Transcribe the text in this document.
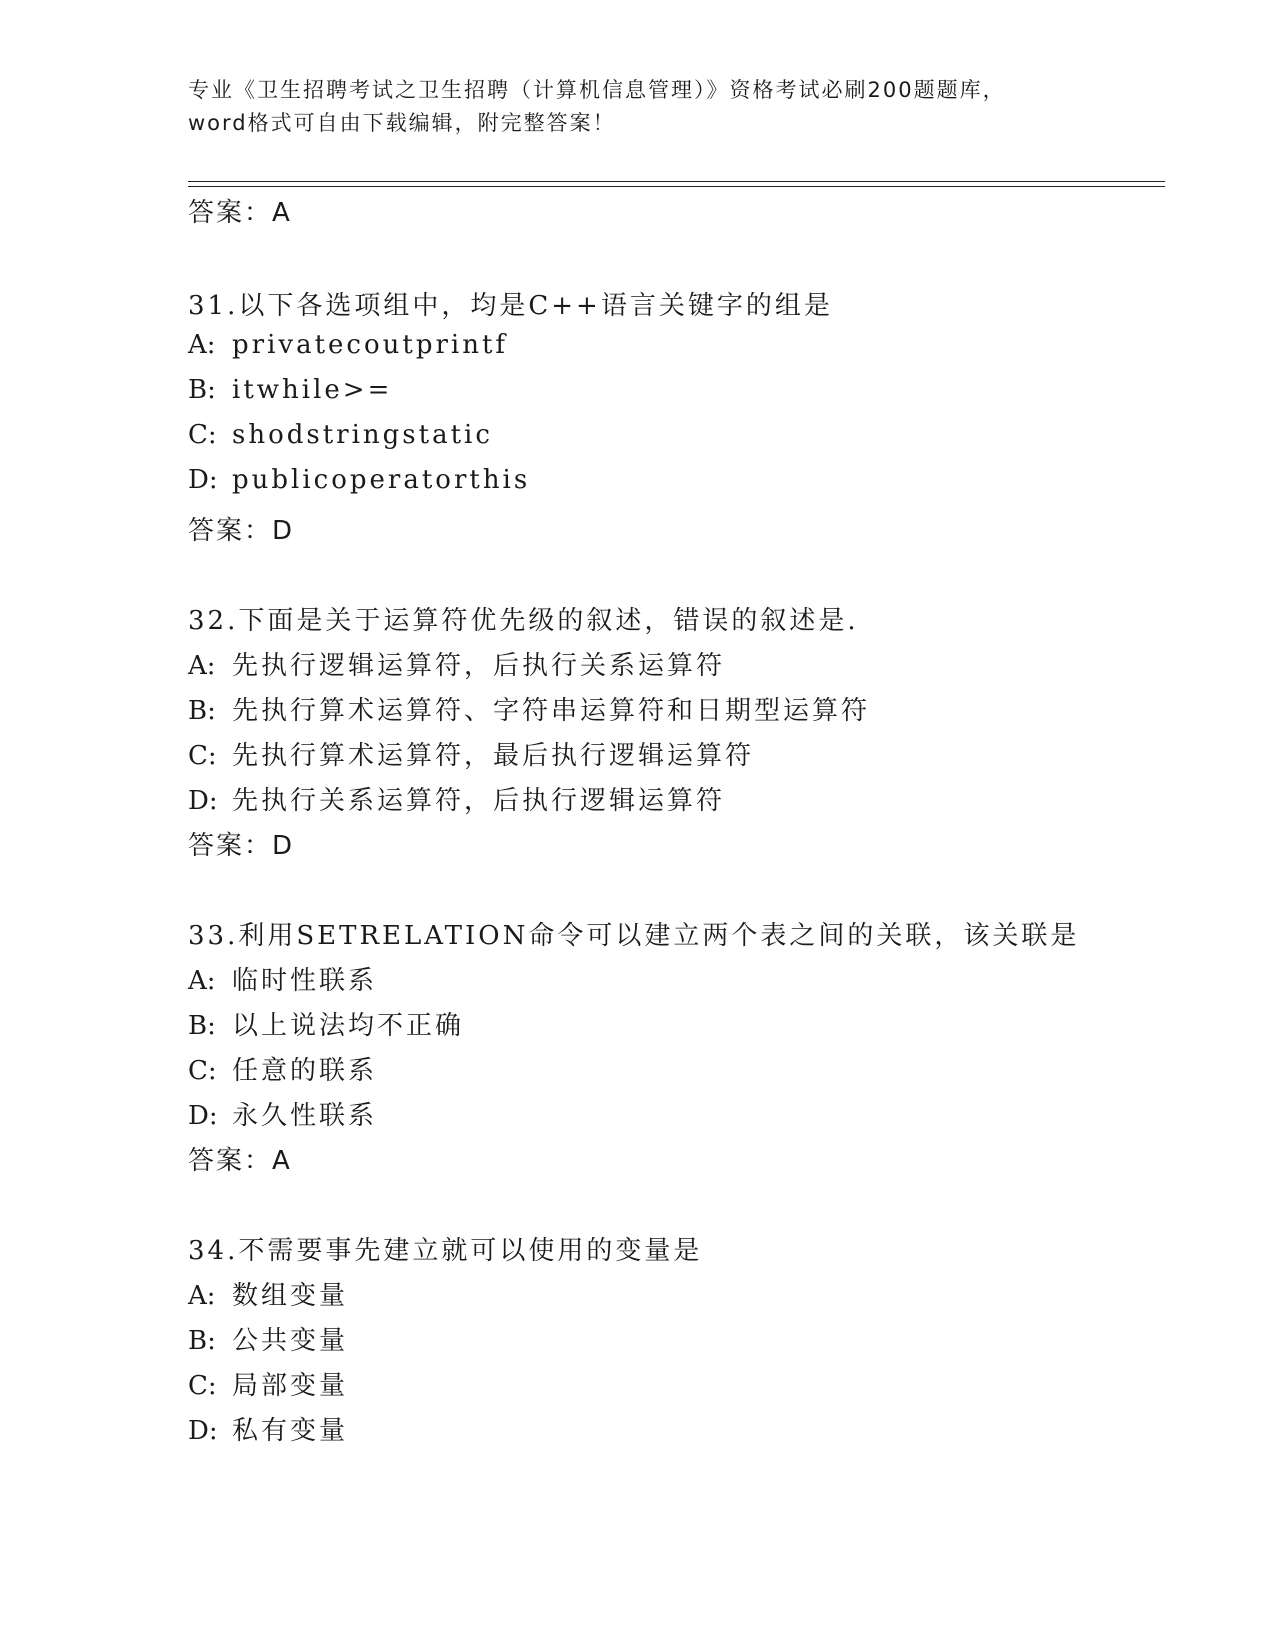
专业《卫生招聘考试之卫生招聘（计算机信息管理）》资格考试必刷200题题库，
word格式可自由下载编辑，附完整答案！
答案：A
31.以下各选项组中，均是C++语言关键字的组是
A: privatecoutprintf
B: itwhile>=
C: shodstringstatic
D: publicoperatorthis
答案：D
32.下面是关于运算符优先级的叙述，错误的叙述是.
A: 先执行逻辑运算符，后执行关系运算符
B: 先执行算术运算符、字符串运算符和日期型运算符
C: 先执行算术运算符，最后执行逻辑运算符
D: 先执行关系运算符，后执行逻辑运算符
答案：D
33.利用SETRELATION命令可以建立两个表之间的关联，该关联是
A: 临时性联系
B: 以上说法均不正确
C: 任意的联系
D: 永久性联系
答案：A
34.不需要事先建立就可以使用的变量是
A: 数组变量
B: 公共变量
C: 局部变量
D: 私有变量
